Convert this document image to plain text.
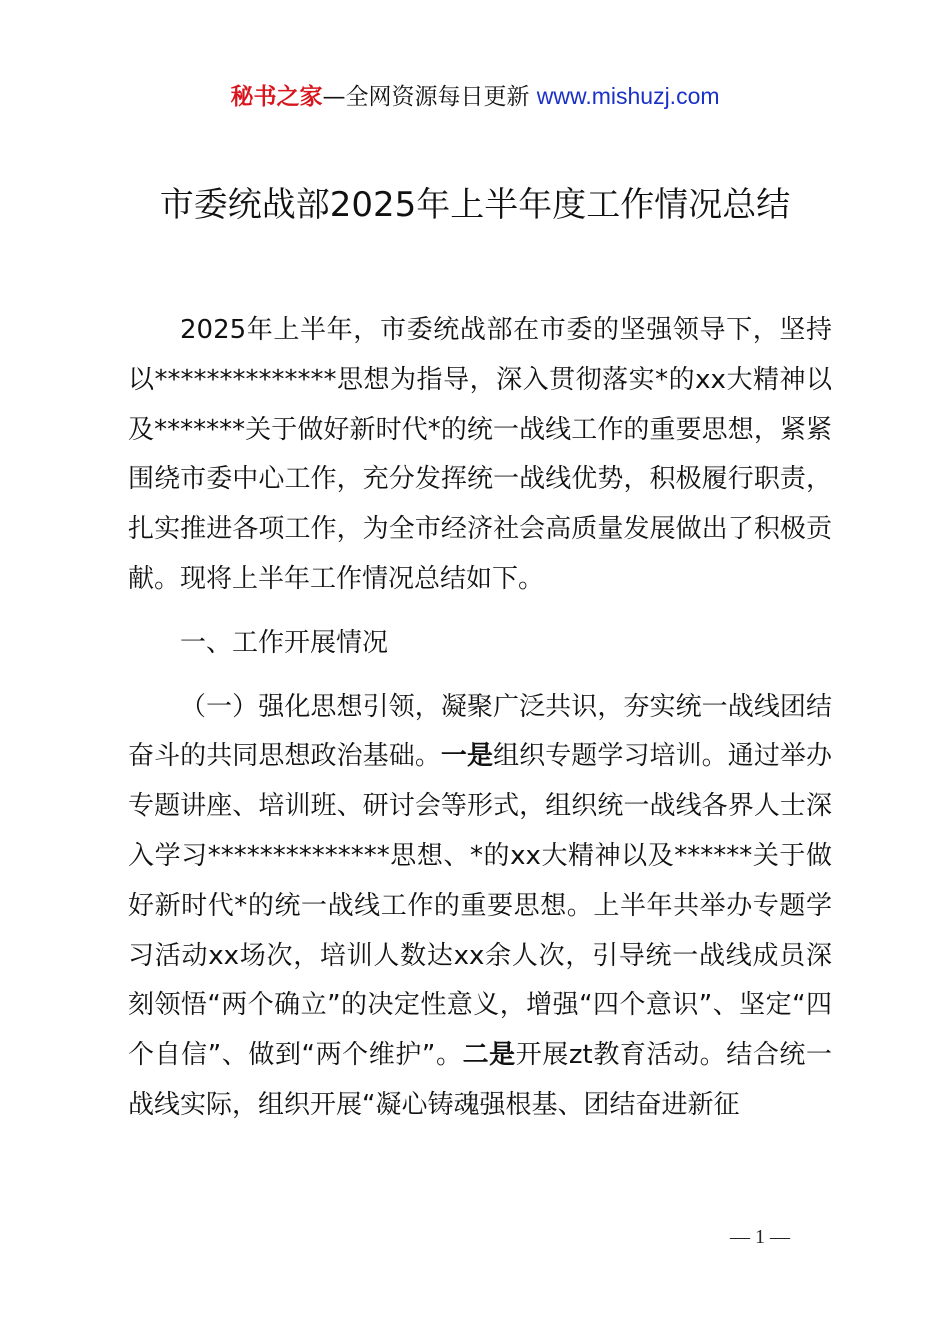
秘书之家—全网资源每日更新 www.mishuzj.com
市委统战部2025年上半年度工作情况总结

2025年上半年，市委统战部在市委的坚强领导下，坚持以**************思想为指导，深入贯彻落实*的xx大精神以及*******关于做好新时代*的统一战线工作的重要思想，紧紧围绕市委中心工作，充分发挥统一战线优势，积极履行职责，扎实推进各项工作，为全市经济社会高质量发展做出了积极贡献。现将上半年工作情况总结如下。

一、工作开展情况

（一）强化思想引领，凝聚广泛共识，夯实统一战线团结奋斗的共同思想政治基础。一是组织专题学习培训。通过举办专题讲座、培训班、研讨会等形式，组织统一战线各界人士深入学习**************思想、*的xx大精神以及******关于做好新时代*的统一战线工作的重要思想。上半年共举办专题学习活动xx场次，培训人数达xx余人次，引导统一战线成员深刻领悟“两个确立”的决定性意义，增强“四个意识”、坚定“四个自信”、做到“两个维护”。二是开展zt教育活动。结合统一战线实际，组织开展“凝心铸魂强根基、团结奋进新征

— 1 —
